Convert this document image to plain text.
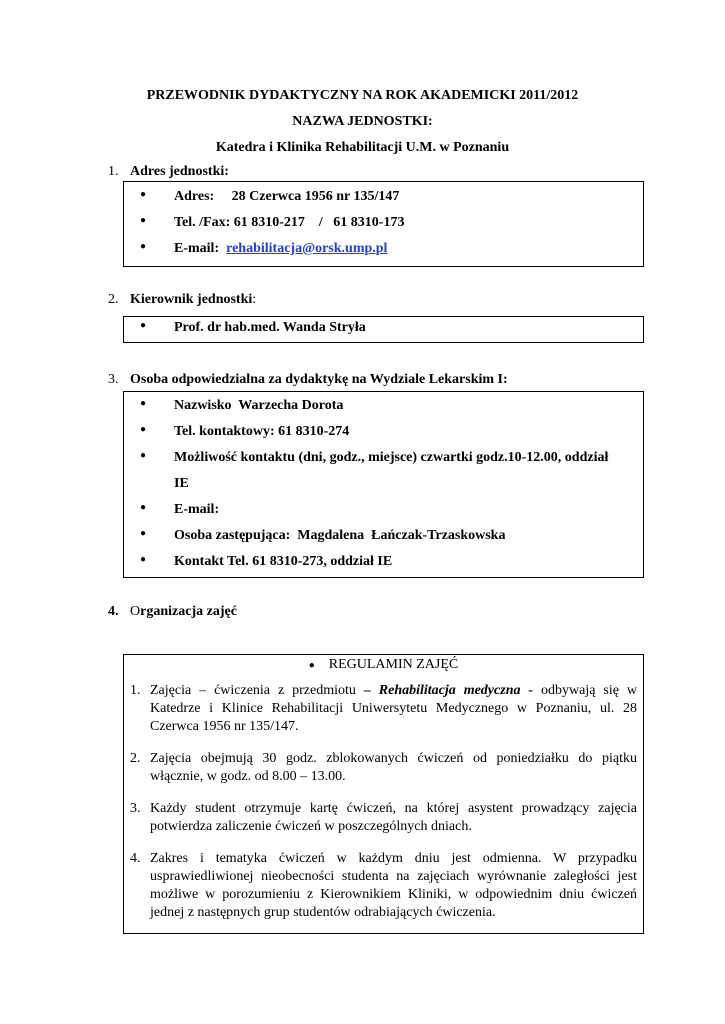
PRZEWODNIK DYDAKTYCZNY NA ROK AKADEMICKI 2011/2012
NAZWA JEDNOSTKI:
Katedra i Klinika Rehabilitacji U.M. w Poznaniu
1. Adres jednostki:
● Adres:     28 Czerwca 1956 nr 135/147
● Tel. /Fax: 61 8310-217    /   61 8310-173
● E-mail: rehabilitacja@orsk.ump.pl
2. Kierownik jednostki:
● Prof. dr hab.med. Wanda Stryła
3. Osoba odpowiedzialna za dydaktykę na Wydziale Lekarskim I:
● Nazwisko  Warzecha Dorota
● Tel. kontaktowy: 61 8310-274
● Możliwość kontaktu (dni, godz., miejsce) czwartki godz.10-12.00, oddział
IE
● E-mail:
● Osoba zastępująca:  Magdalena  Łańczak-Trzaskowska
● Kontakt Tel. 61 8310-273, oddział IE
4. Organizacja zajęć
● REGULAMIN ZAJĘĆ
1. Zajęcia – ćwiczenia z przedmiotu – Rehabilitacja medyczna - odbywają się w Katedrze i Klinice Rehabilitacji Uniwersytetu Medycznego w Poznaniu, ul. 28 Czerwca 1956 nr 135/147.
2. Zajęcia obejmują 30 godz. zblokowanych ćwiczeń od poniedziałku do piątku włącznie, w godz. od 8.00 – 13.00.
3. Każdy student otrzymuje kartę ćwiczeń, na której asystent prowadzący zajęcia potwierdza zaliczenie ćwiczeń w poszczególnych dniach.
4. Zakres i tematyka ćwiczeń w każdym dniu jest odmienna. W przypadku usprawiedliwionej nieobecności studenta na zajęciach wyrównanie zaległości jest możliwe w porozumieniu z Kierownikiem Kliniki, w odpowiednim dniu ćwiczeń jednej z następnych grup studentów odrabiających ćwiczenia.
